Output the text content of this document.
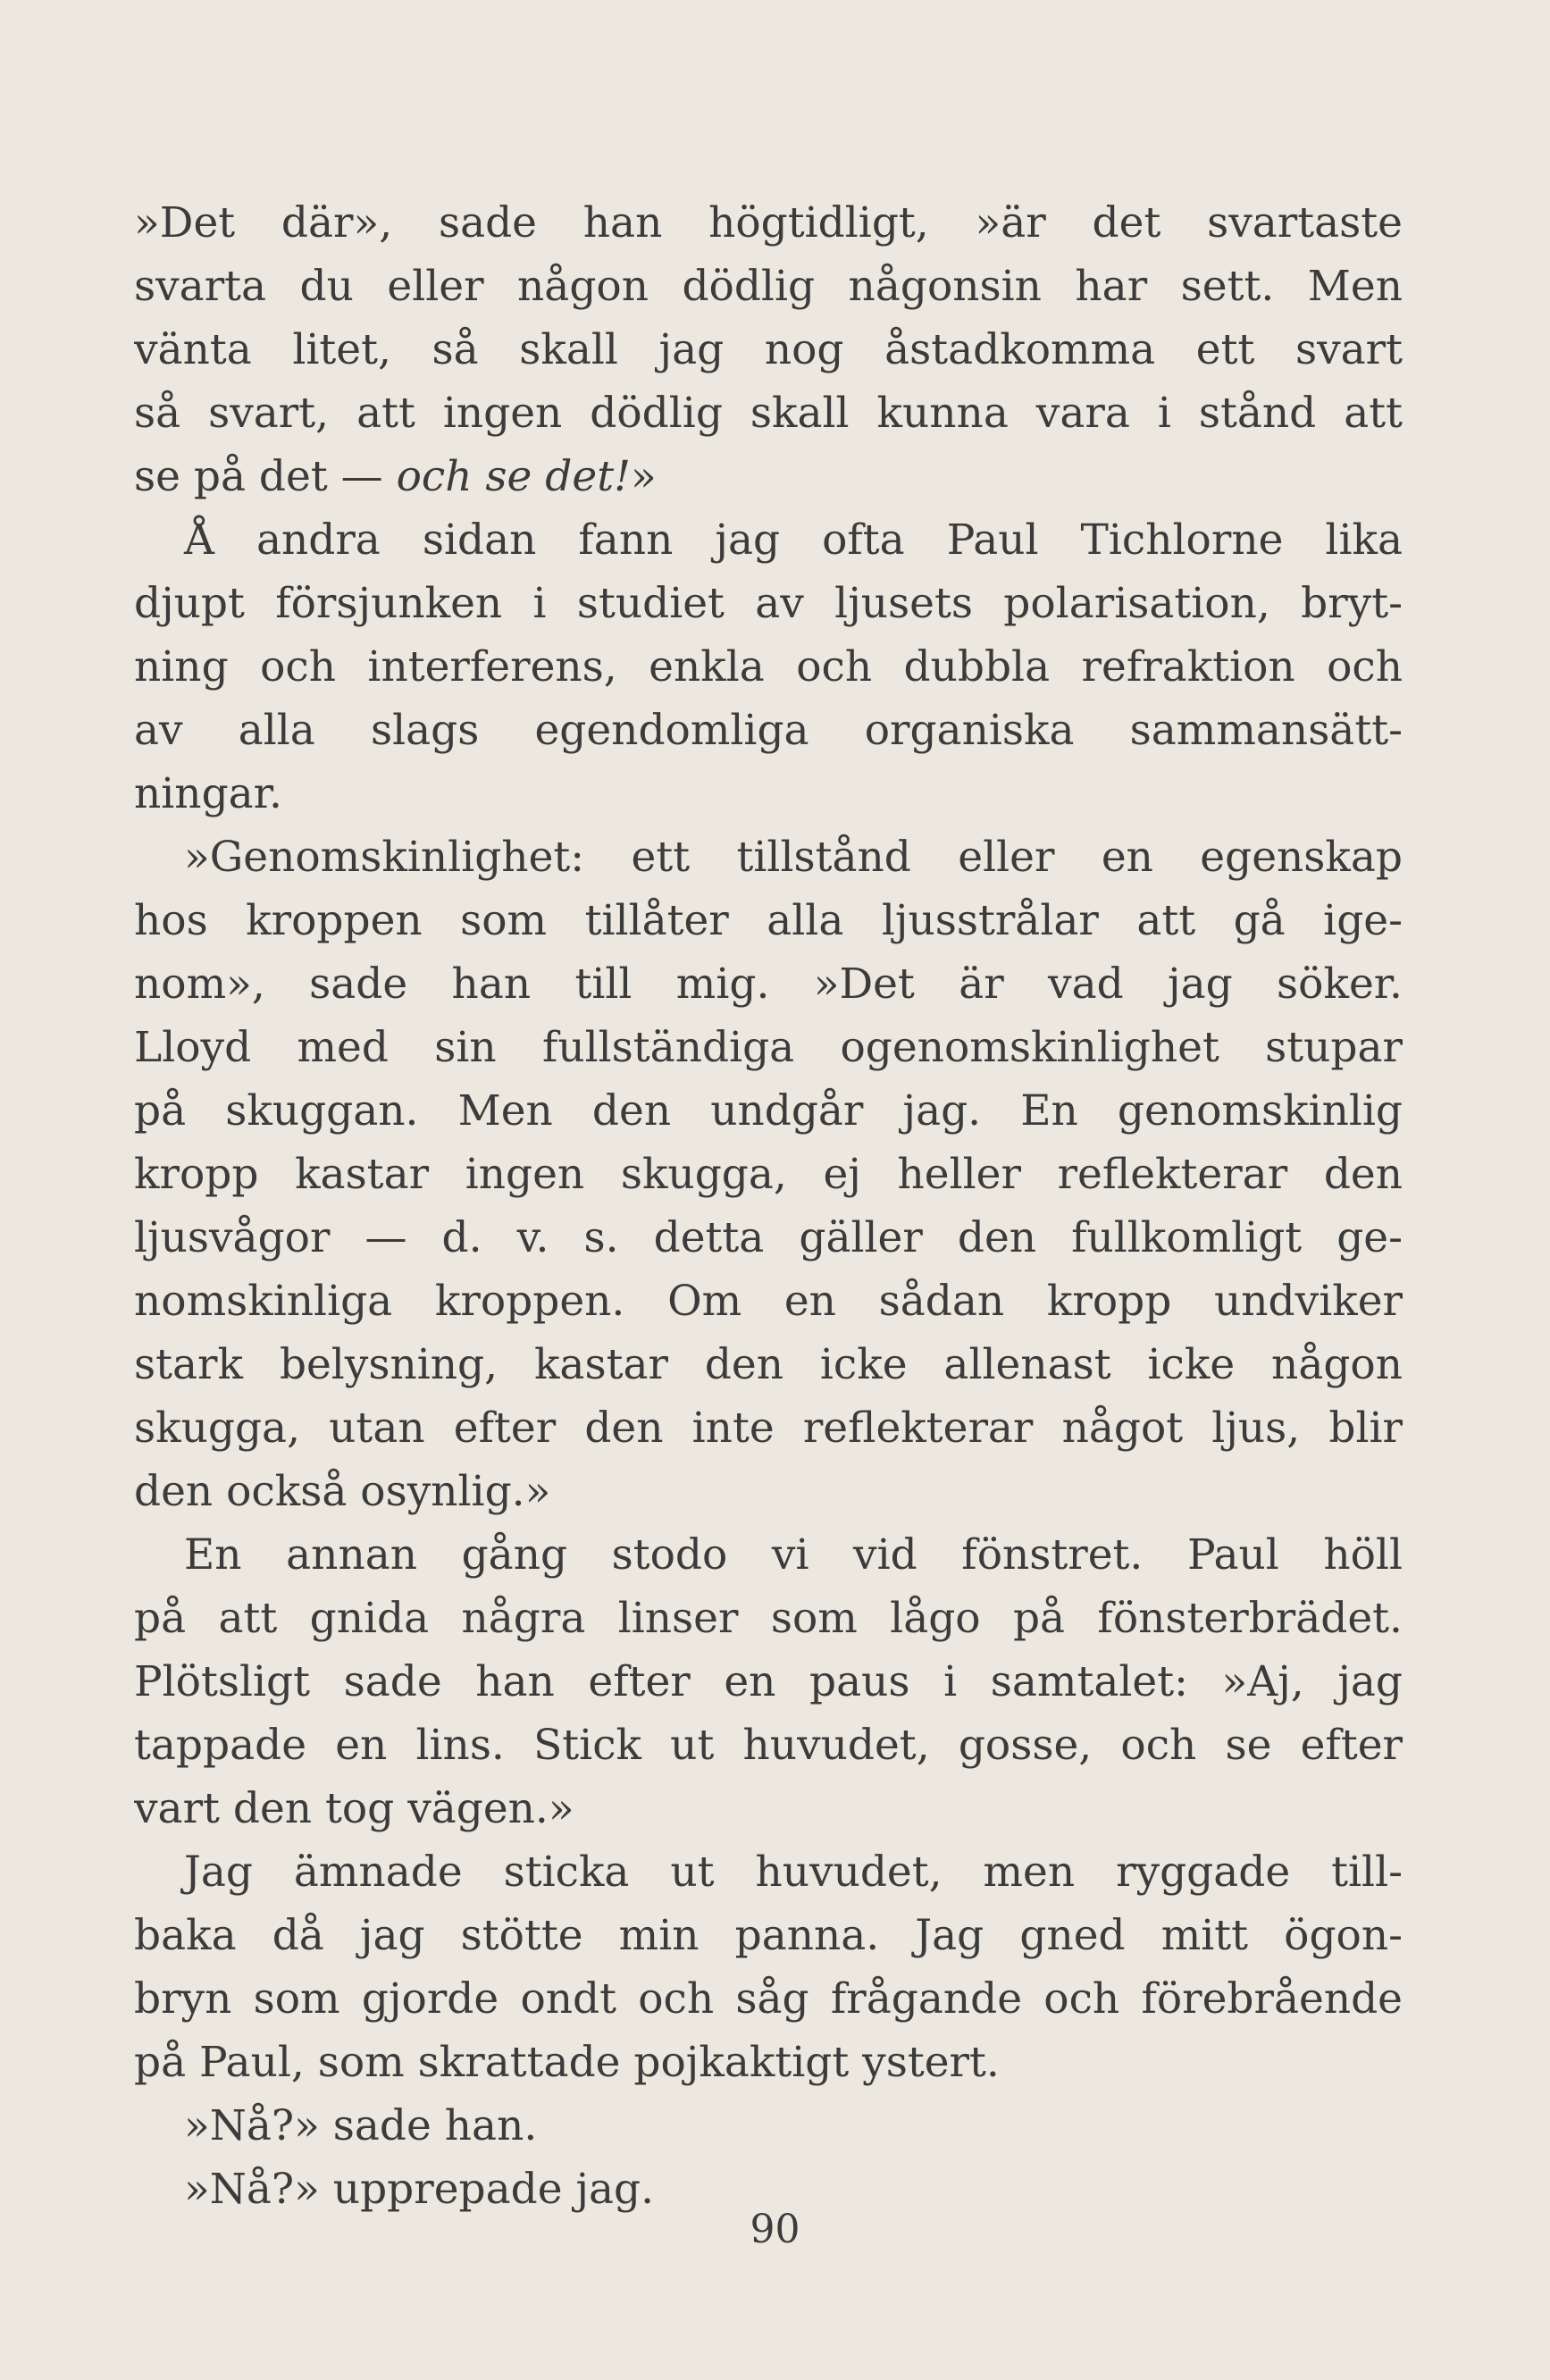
»Det där», sade han högtidligt, »är det svartaste
svarta du eller någon dödlig någonsin har sett. Men
vänta litet, så skall jag nog åstadkomma ett svart
så svart, att ingen dödlig skall kunna vara i stånd att
se på det — och se det!»
Å andra sidan fann jag ofta Paul Tichlorne lika
djupt försjunken i studiet av ljusets polarisation, bryt-
ning och interferens, enkla och dubbla refraktion och
av alla slags egendomliga organiska sammansätt-
ningar.
»Genomskinlighet: ett tillstånd eller en egenskap
hos kroppen som tillåter alla ljusstrålar att gå ige-
nom», sade han till mig. »Det är vad jag söker.
Lloyd med sin fullständiga ogenomskinlighet stupar
på skuggan. Men den undgår jag. En genomskinlig
kropp kastar ingen skugga, ej heller reflekterar den
ljusvågor — d. v. s. detta gäller den fullkomligt ge-
nomskinliga kroppen. Om en sådan kropp undviker
stark belysning, kastar den icke allenast icke någon
skugga, utan efter den inte reflekterar något ljus, blir
den också osynlig.»
En annan gång stodo vi vid fönstret. Paul höll
på att gnida några linser som lågo på fönsterbrädet.
Plötsligt sade han efter en paus i samtalet: »Aj, jag
tappade en lins. Stick ut huvudet, gosse, och se efter
vart den tog vägen.»
Jag ämnade sticka ut huvudet, men ryggade till-
baka då jag stötte min panna. Jag gned mitt ögon-
bryn som gjorde ondt och såg frågande och förebrående
på Paul, som skrattade pojkaktigt ystert.
»Nå?» sade han.
»Nå?» upprepade jag.
90
